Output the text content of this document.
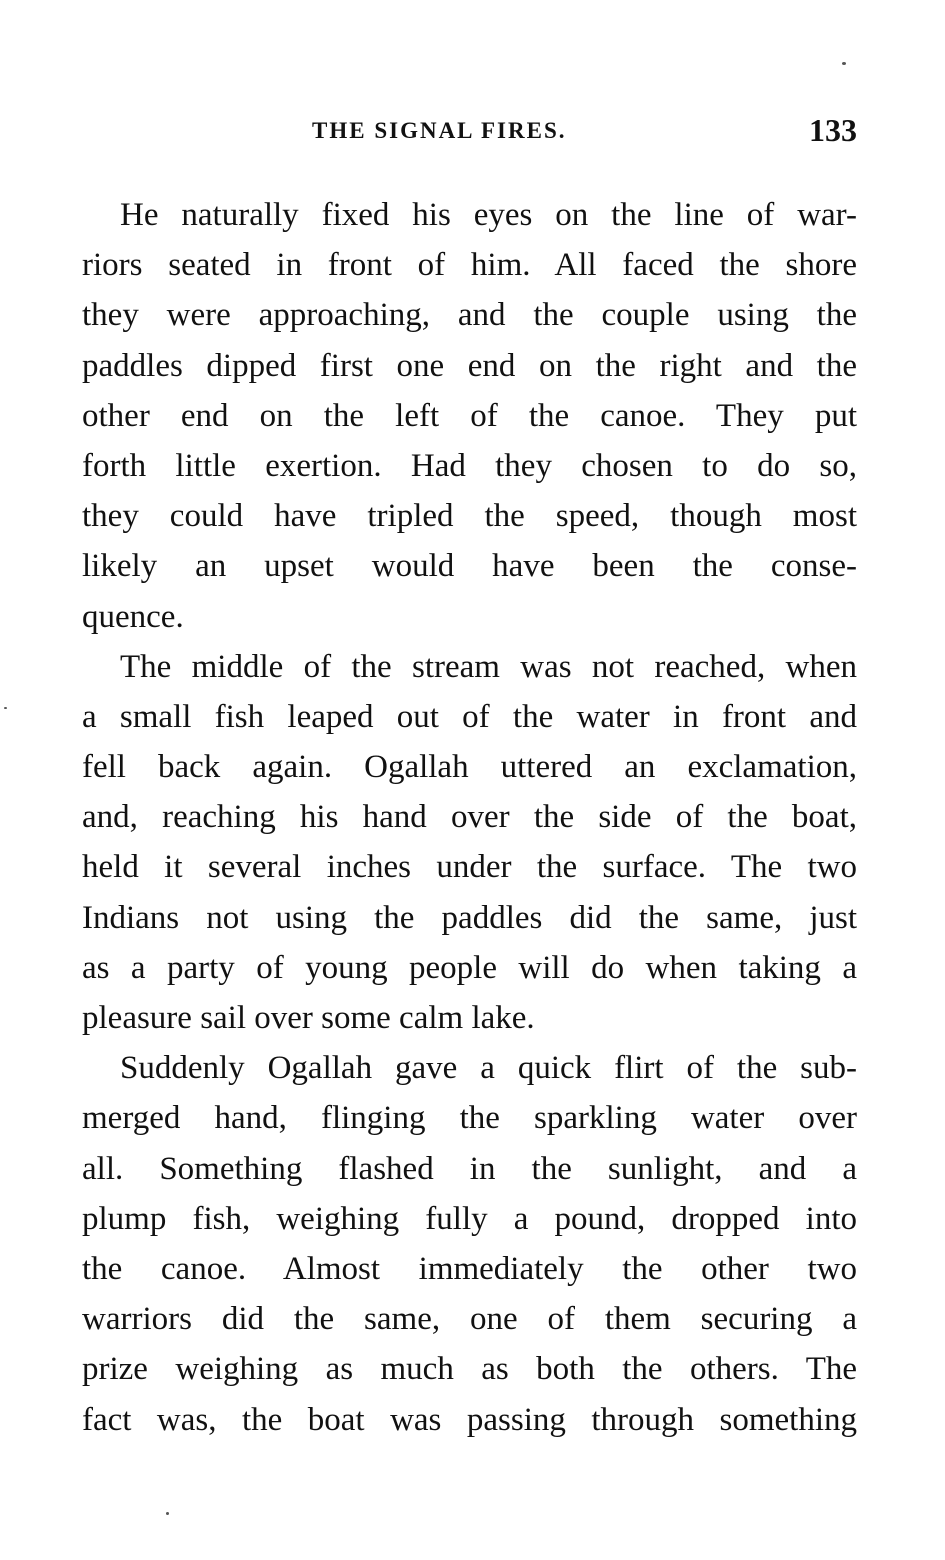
THE SIGNAL FIRES.	133
He naturally fixed his eyes on the line of war-
riors seated in front of him. All faced the shore
they were approaching, and the couple using the
paddles dipped first one end on the right and the
other end on the left of the canoe. They put
forth little exertion. Had they chosen to do so,
they could have tripled the speed, though most
likely an upset would have been the conse-
quence.
The middle of the stream was not reached, when
a small fish leaped out of the water in front and
fell back again. Ogallah uttered an exclamation,
and, reaching his hand over the side of the boat,
held it several inches under the surface. The two
Indians not using the paddles did the same, just
as a party of young people will do when taking a
pleasure sail over some calm lake.
Suddenly Ogallah gave a quick flirt of the sub-
merged hand, flinging the sparkling water over
all. Something flashed in the sunlight, and a
plump fish, weighing fully a pound, dropped into
the canoe. Almost immediately the other two
warriors did the same, one of them securing a
prize weighing as much as both the others. The
fact was, the boat was passing through something
